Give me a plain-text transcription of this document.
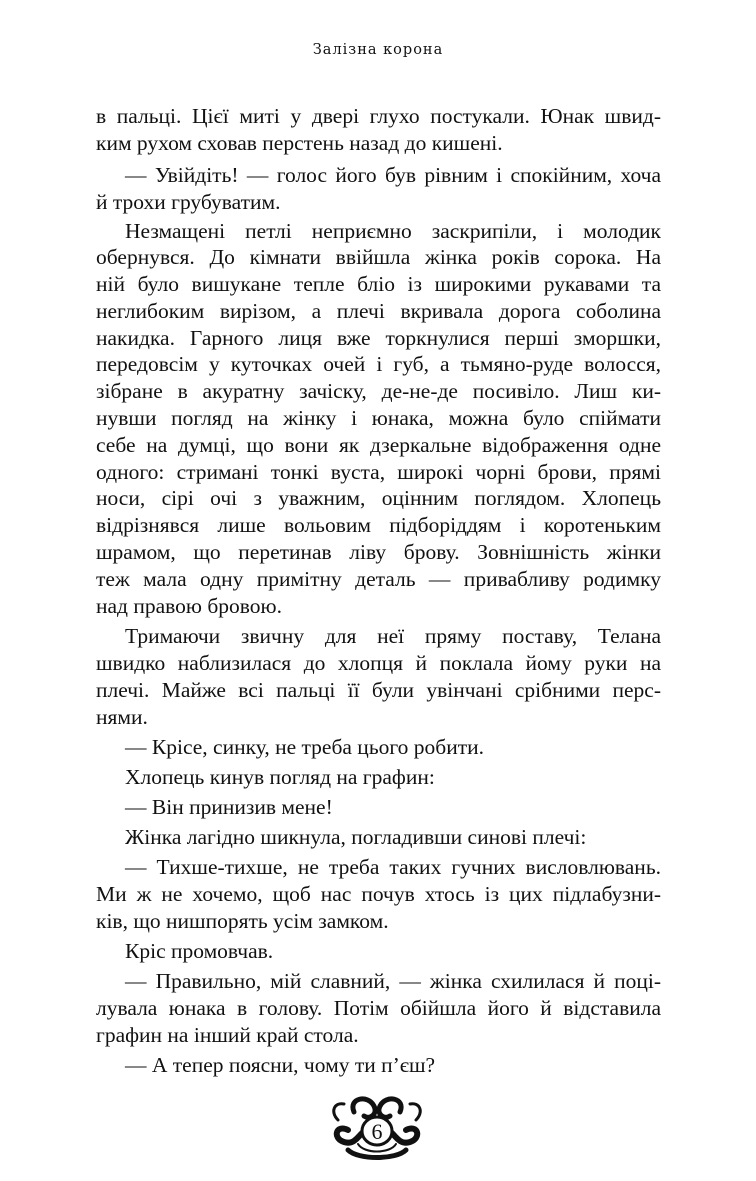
Залізна корона
в пальці. Цієї миті у двері глухо постукали. Юнак швид-
ким рухом сховав перстень назад до кишені.
— Увійдіть! — голос його був рівним і спокійним, хоча
й трохи грубуватим.
Незмащені петлі неприємно заскрипіли, і молодик
обернувся. До кімнати ввійшла жінка років сорока. На
ній було вишукане тепле бліо із широкими рукавами та
неглибоким вирізом, а плечі вкривала дорога соболина
накидка. Гарного лиця вже торкнулися перші зморшки,
передовсім у куточках очей і губ, а тьмяно-руде волосся,
зібране в акуратну зачіску, де-не-де посивіло. Лиш ки-
нувши погляд на жінку і юнака, можна було спіймати
себе на думці, що вони як дзеркальне відображення одне
одного: стримані тонкі вуста, широкі чорні брови, прямі
носи, сірі очі з уважним, оцінним поглядом. Хлопець
відрізнявся лише вольовим підборіддям і коротеньким
шрамом, що перетинав ліву брову. Зовнішність жінки
теж мала одну примітну деталь — привабливу родимку
над правою бровою.
Тримаючи звичну для неї пряму поставу, Телана
швидко наблизилася до хлопця й поклала йому руки на
плечі. Майже всі пальці її були увінчані срібними перс-
нями.
— Крісе, синку, не треба цього робити.
Хлопець кинув погляд на графин:
— Він принизив мене!
Жінка лагідно шикнула, погладивши синові плечі:
— Тихше-тихше, не треба таких гучних висловлювань.
Ми ж не хочемо, щоб нас почув хтось із цих підлабузни-
ків, що нишпорять усім замком.
Кріс промовчав.
— Правильно, мій славний, — жінка схилилася й поці-
лувала юнака в голову. Потім обійшла його й відставила
графин на інший край стола.
— А тепер поясни, чому ти п’єш?
6
